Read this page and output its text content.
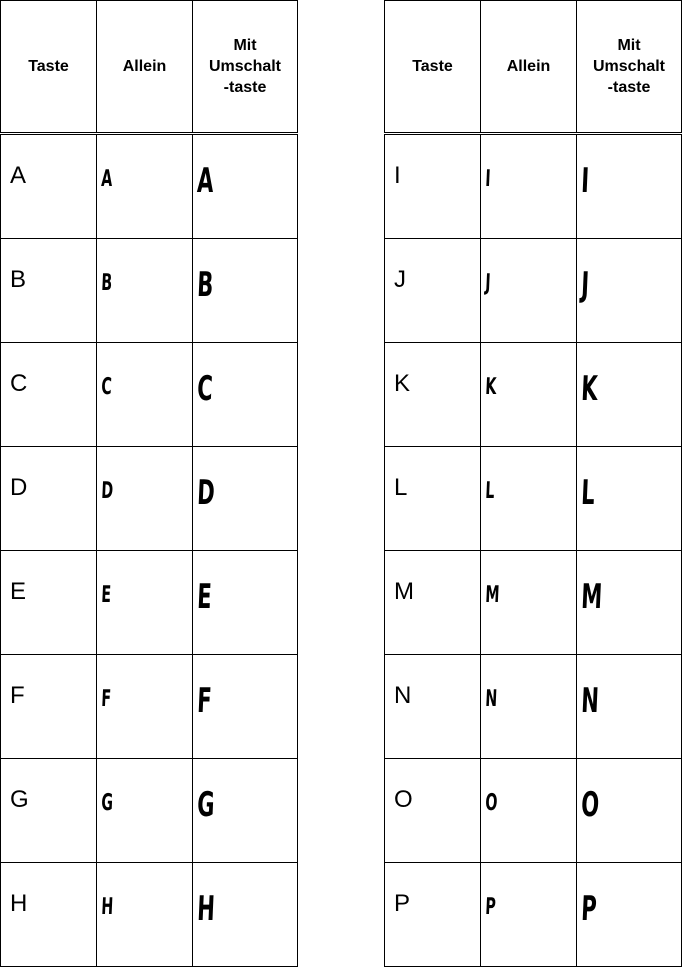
Taste	Allein	Mit
Umschalt
-taste

A	A	A

B	B	B

C	C	C

D	D	D

E	E	E

F	F	F

G	G	G

H	H	H
Taste	Allein	Mit
Umschalt
-taste

I	I	I

J	J	J

K	K	K

L	L	L

M	M	M

N	N	N

O	O	O

P	P	P
